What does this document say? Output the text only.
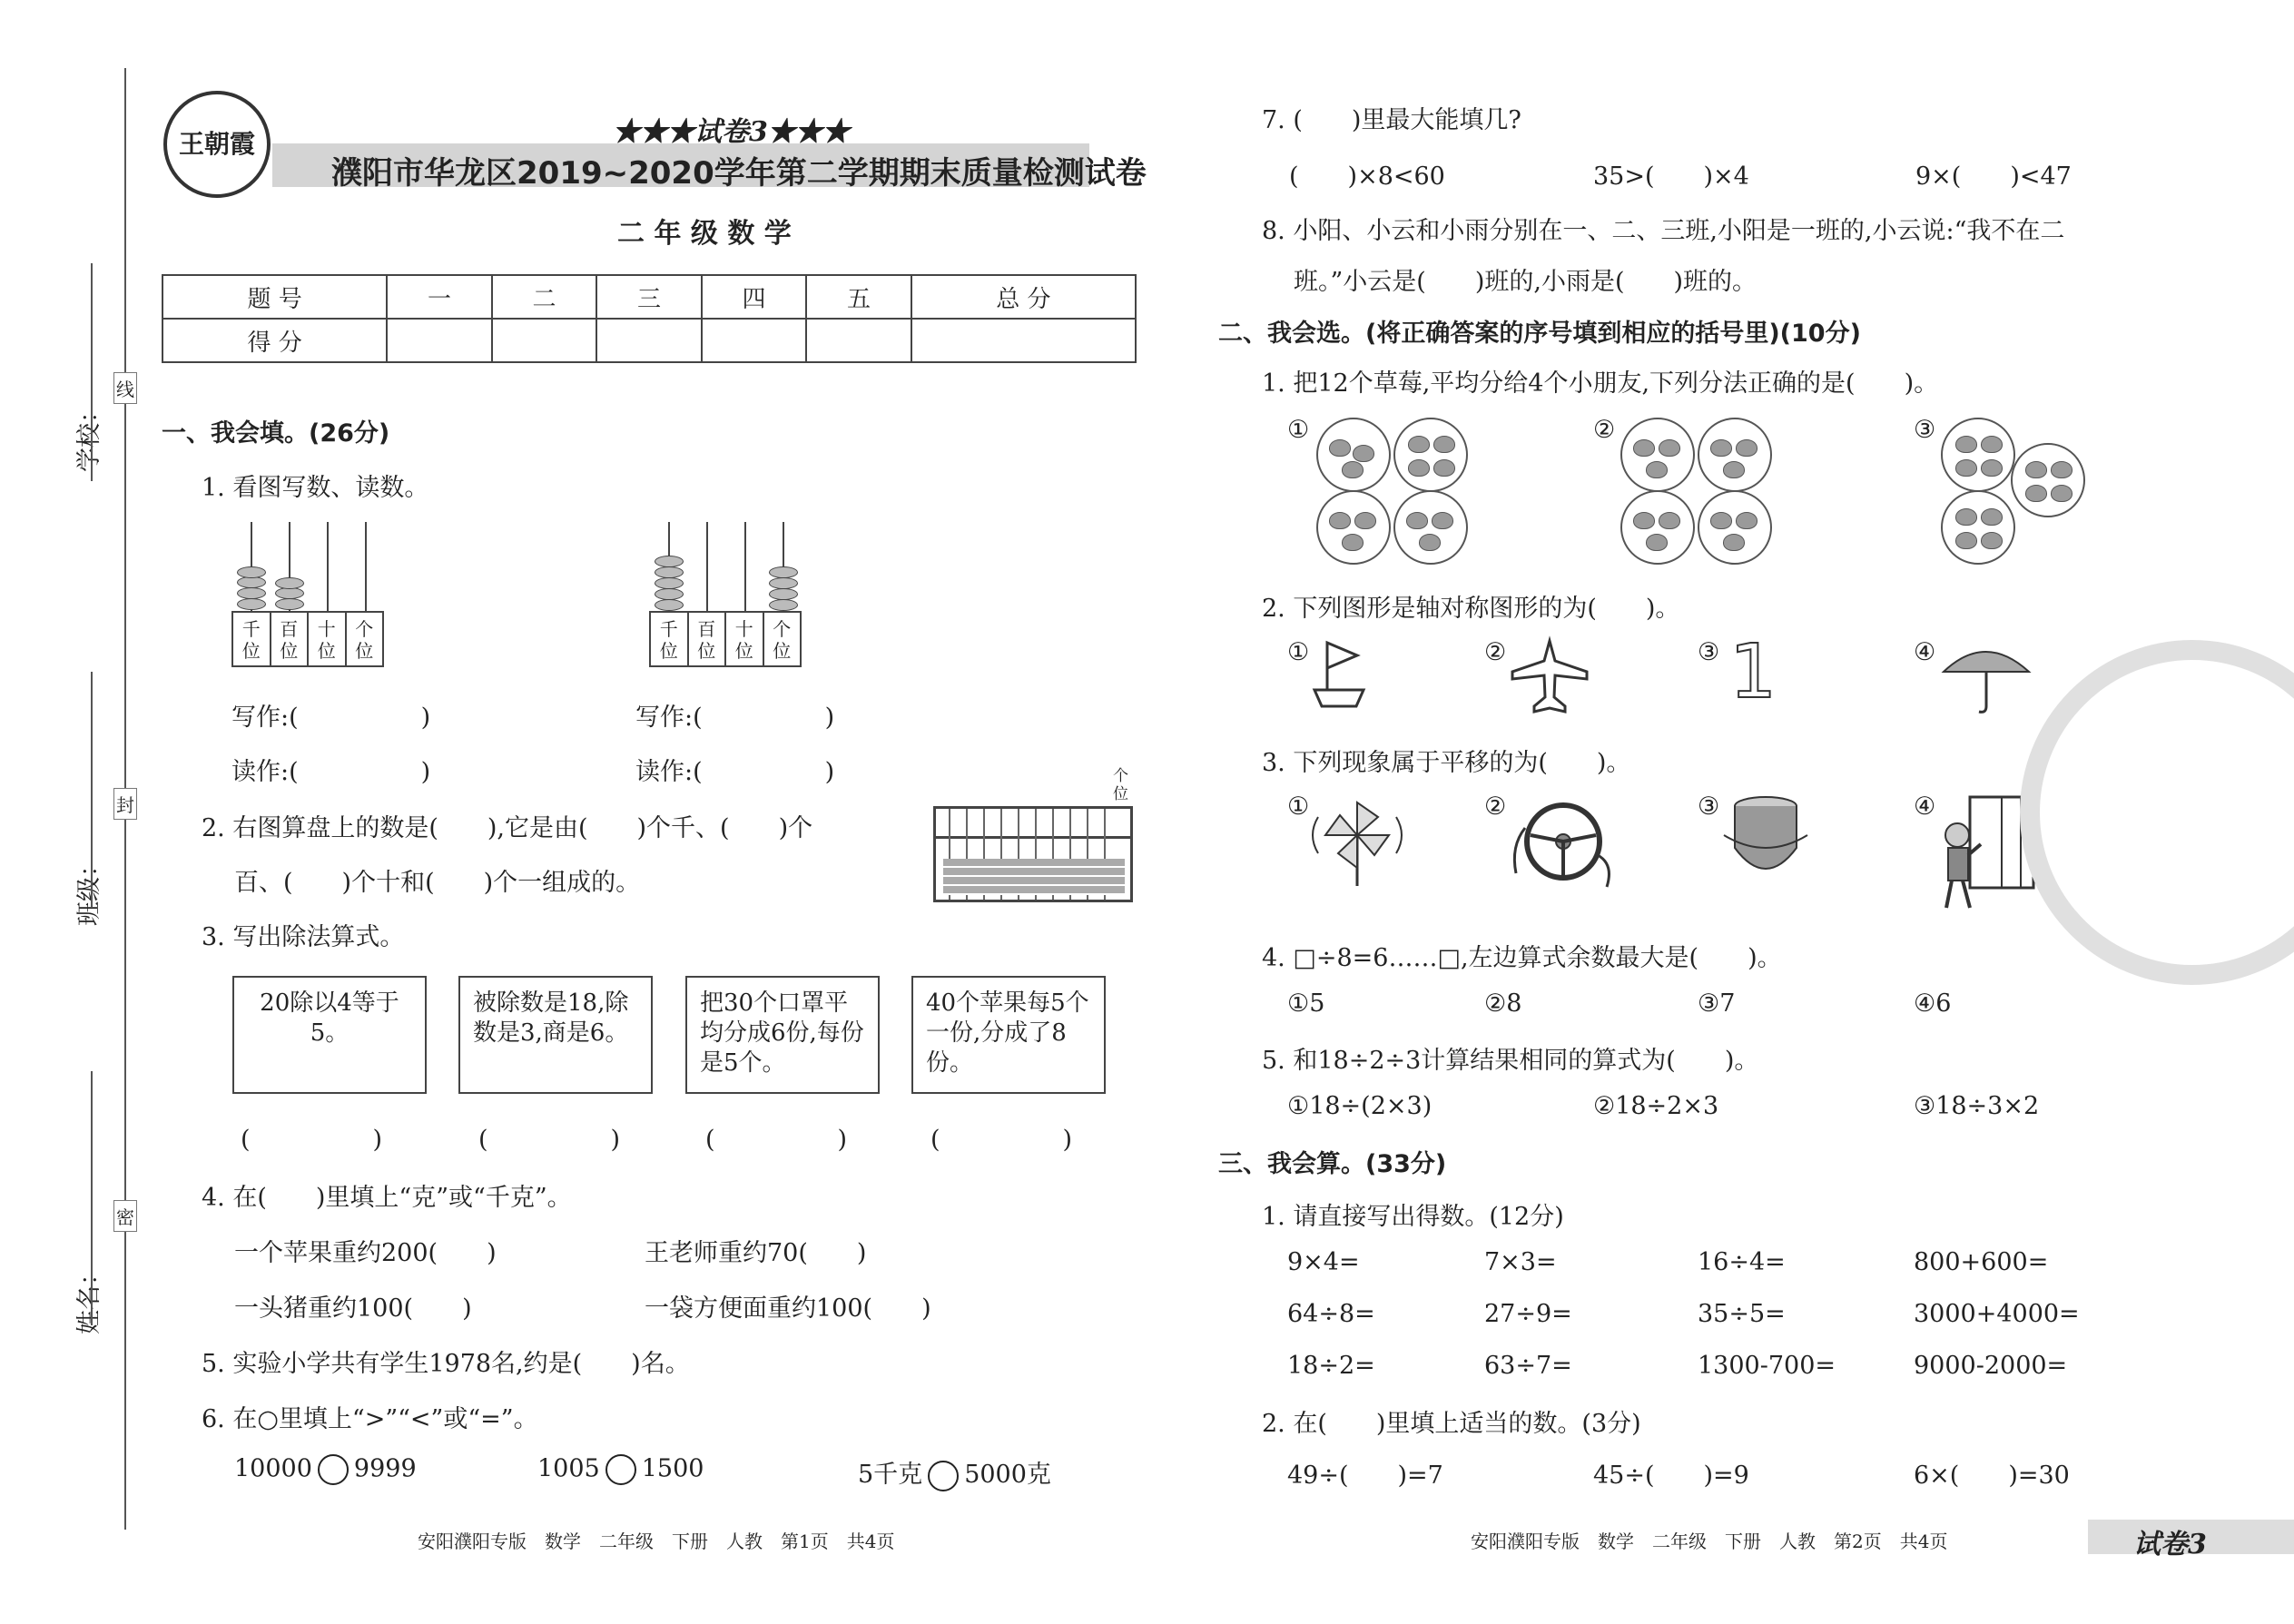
学校：
班级：
姓名：
线
封
密
王朝霞	★★★试卷3★★★
濮阳市华龙区2019~2020学年第二学期期末质量检测试卷
二 年 级 数 学
题 号	一	二	三	四	五	总 分
得 分						
一、我会填。(26分)
1. 看图写数、读数。
千位
百位
十位
个位
千位
百位
十位
个位
写作:(　　　　　)
读作:(　　　　　)
写作:(　　　　　)
读作:(　　　　　)
2. 右图算盘上的数是(　　),它是由(　　)个千、(　　)个
百、(　　)个十和(　　)个一组成的。
个位
3. 写出除法算式。
20除以4等于5。
被除数是18,除数是3,商是6。
把30个口罩平均分成6份,每份是5个。
40个苹果每5个一份,分成了8份。
(　　　　　)	(　　　　　)	(　　　　　)	(　　　　　)
4. 在(　　)里填上“克”或“千克”。
一个苹果重约200(　　)	王老师重约70(　　)
一头猪重约100(　　)	一袋方便面重约100(　　)
5. 实验小学共有学生1978名,约是(　　)名。
6. 在○里填上“>”“<”或“=”。
10000 9999	1005 1500	5千克 5000克
安阳濮阳专版　数学　二年级　下册　人教　第1页　共4页
7. (　　)里最大能填几?
(　　)×8<60	35>(　　)×4	9×(　　)<47
8. 小阳、小云和小雨分别在一、二、三班,小阳是一班的,小云说:“我不在二
班。”小云是(　　)班的,小雨是(　　)班的。
二、我会选。(将正确答案的序号填到相应的括号里)(10分)
1. 把12个草莓,平均分给4个小朋友,下列分法正确的是(　　)。
①	②	③
2. 下列图形是轴对称图形的为(　　)。
①	②	③ 1	④
3. 下列现象属于平移的为(　　)。
①	②	③	④
4. □÷8=6……□,左边算式余数最大是(　　)。
①5	②8	③7	④6
5. 和18÷2÷3计算结果相同的算式为(　　)。
①18÷(2×3)	②18÷2×3	③18÷3×2
三、我会算。(33分)
1. 请直接写出得数。(12分)
9×4=	7×3=	16÷4=	800+600=
64÷8=	27÷9=	35÷5=	3000+4000=
18÷2=	63÷7=	1300-700=	9000-2000=
2. 在(　　)里填上适当的数。(3分)
49÷(　　)=7	45÷(　　)=9	6×(　　)=30
安阳濮阳专版　数学　二年级　下册　人教　第2页　共4页	试卷3
